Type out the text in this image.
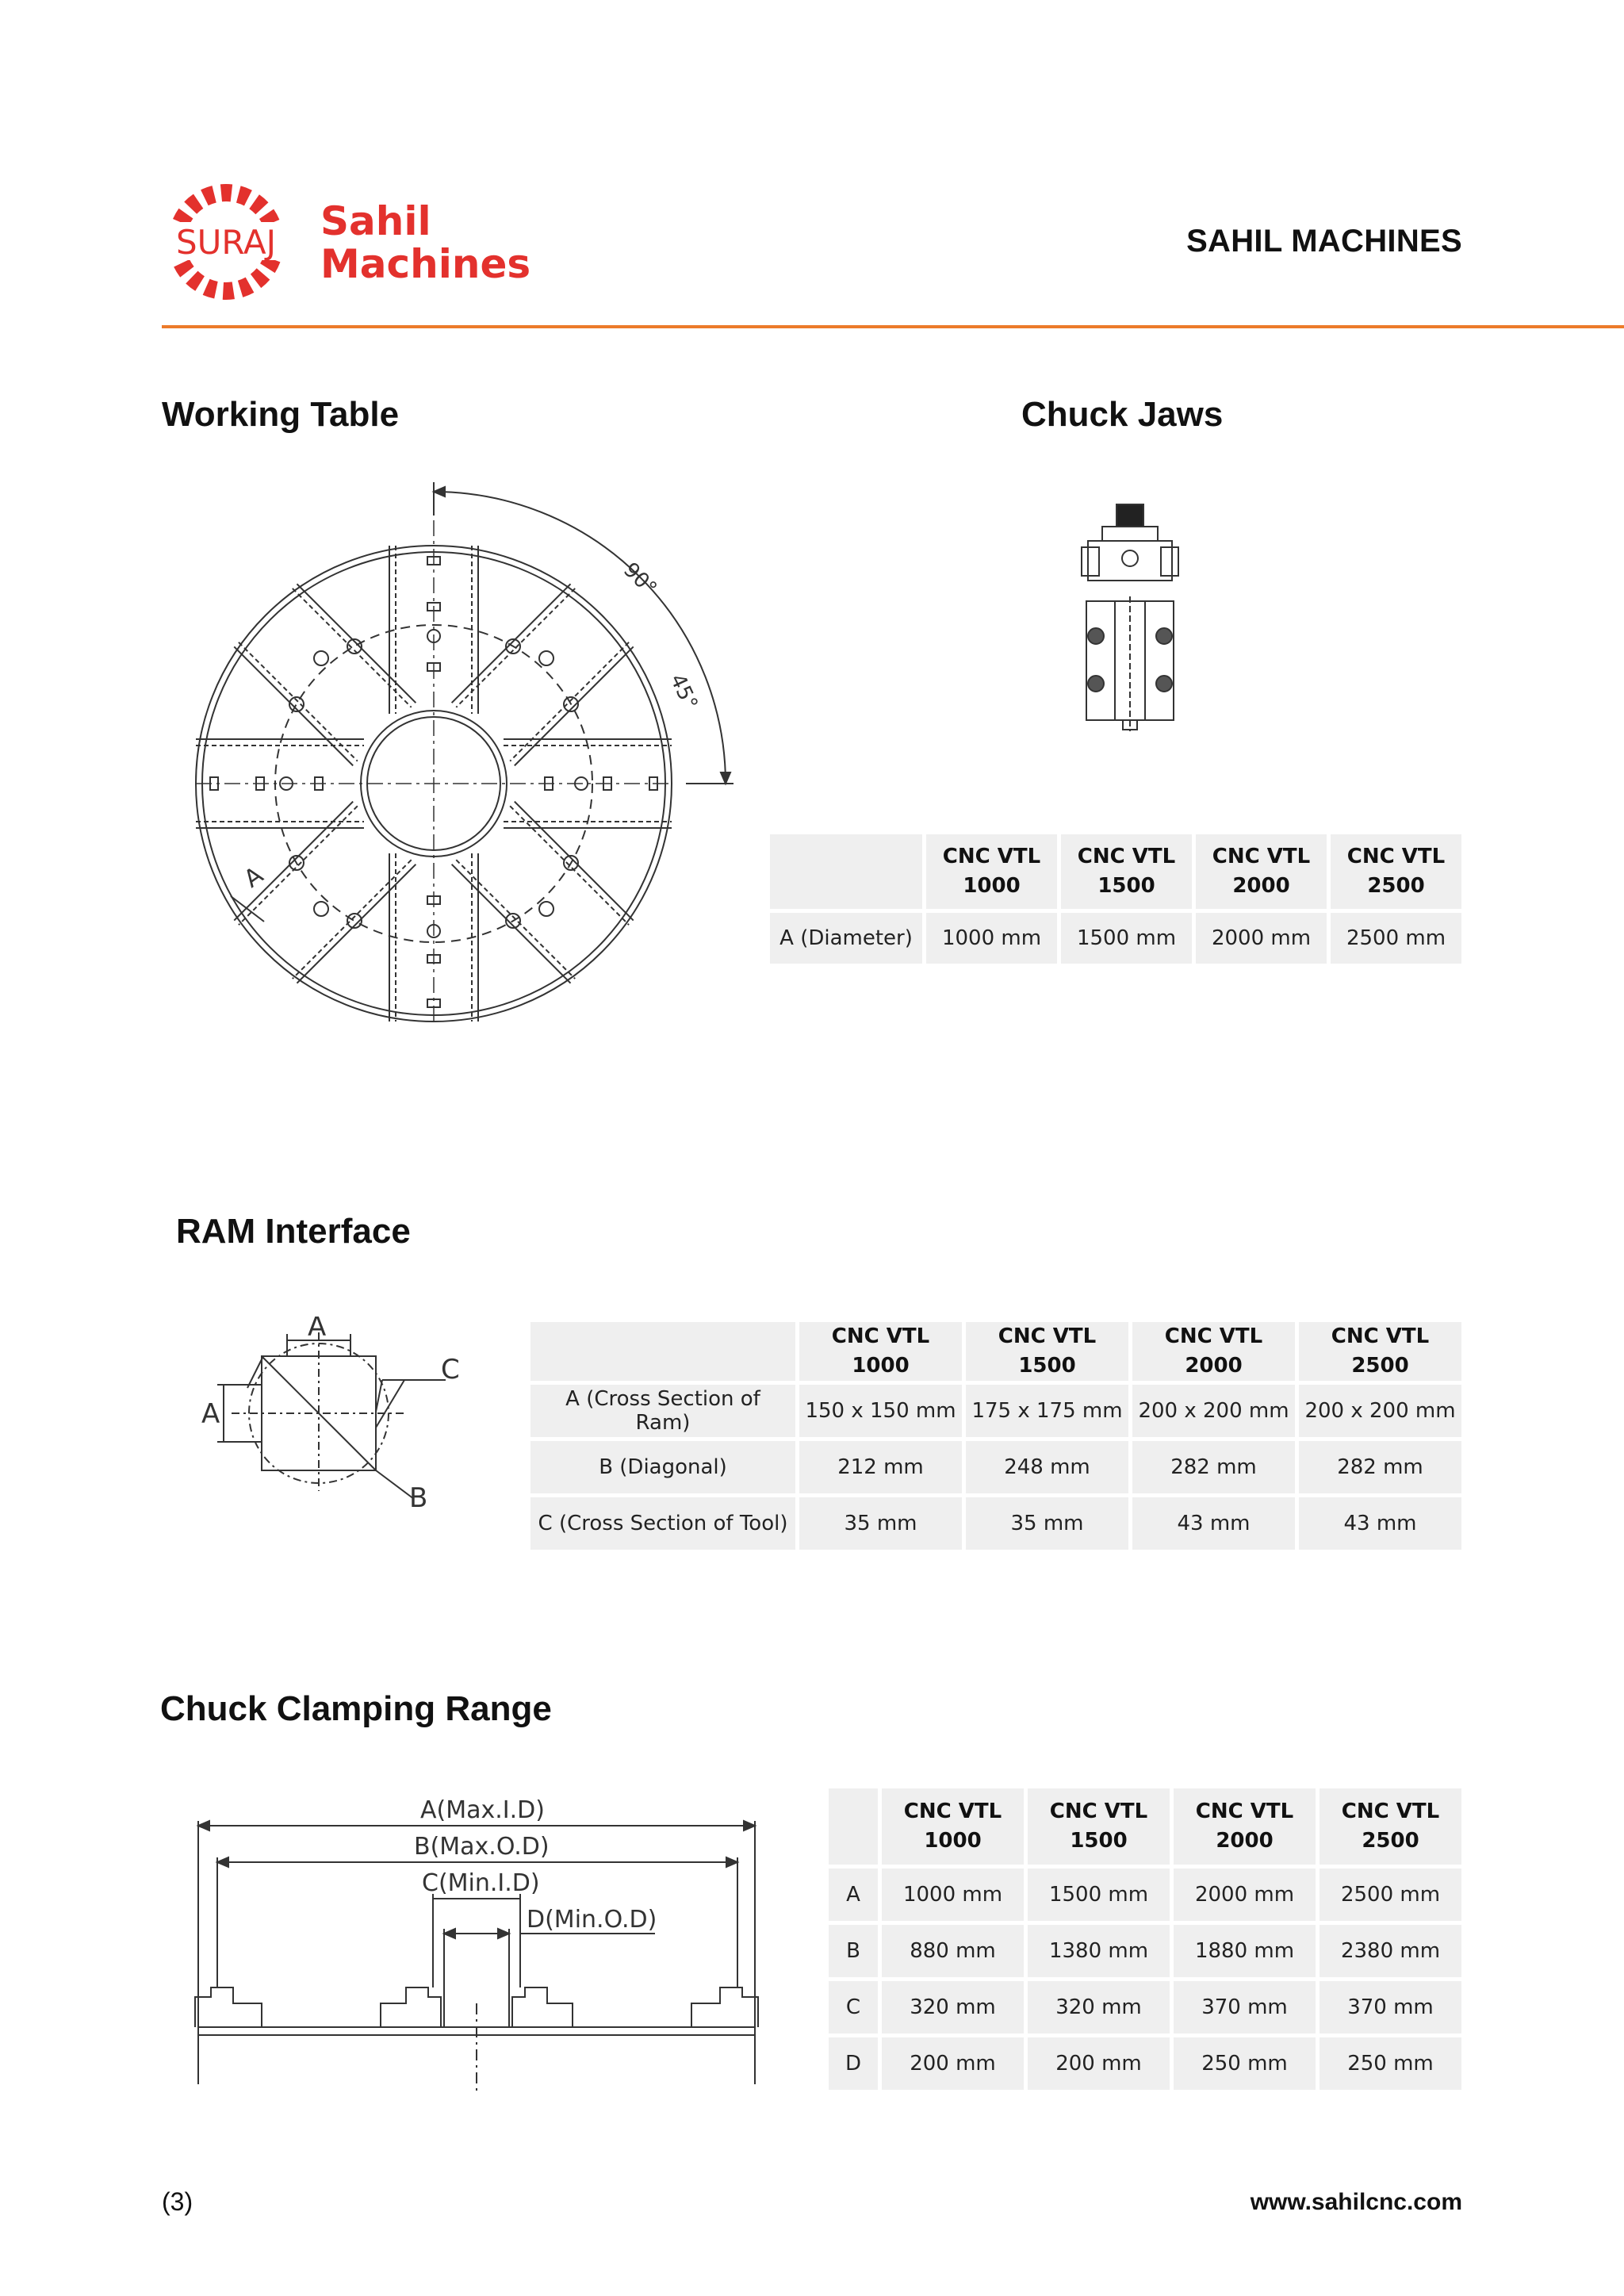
SURAJ Sahil
Machines	SAHIL MACHINES
Working Table
90°
45°
A
Chuck Jaws
	CNC VTL 1000	CNC VTL 1500	CNC VTL 2000	CNC VTL 2500
A (Diameter)	1000 mm	1500 mm	2000 mm	2500 mm
RAM Interface
A
A
B
C
	CNC VTL 1000	CNC VTL 1500	CNC VTL 2000	CNC VTL 2500
A (Cross Section of Ram)	150 x 150 mm	175 x 175 mm	200 x 200 mm	200 x 200 mm
B (Diagonal)	212 mm	248 mm	282 mm	282 mm
C (Cross Section of Tool)	35 mm	35 mm	43 mm	43 mm
Chuck Clamping Range
A(Max.I.D)
B(Max.O.D)
C(Min.I.D)
D(Min.O.D)
	CNC VTL 1000	CNC VTL 1500	CNC VTL 2000	CNC VTL 2500
A	1000 mm	1500 mm	2000 mm	2500 mm
B	880 mm	1380 mm	1880 mm	2380 mm
C	320 mm	320 mm	370 mm	370 mm
D	200 mm	200 mm	250 mm	250 mm
(3)	www.sahilcnc.com
